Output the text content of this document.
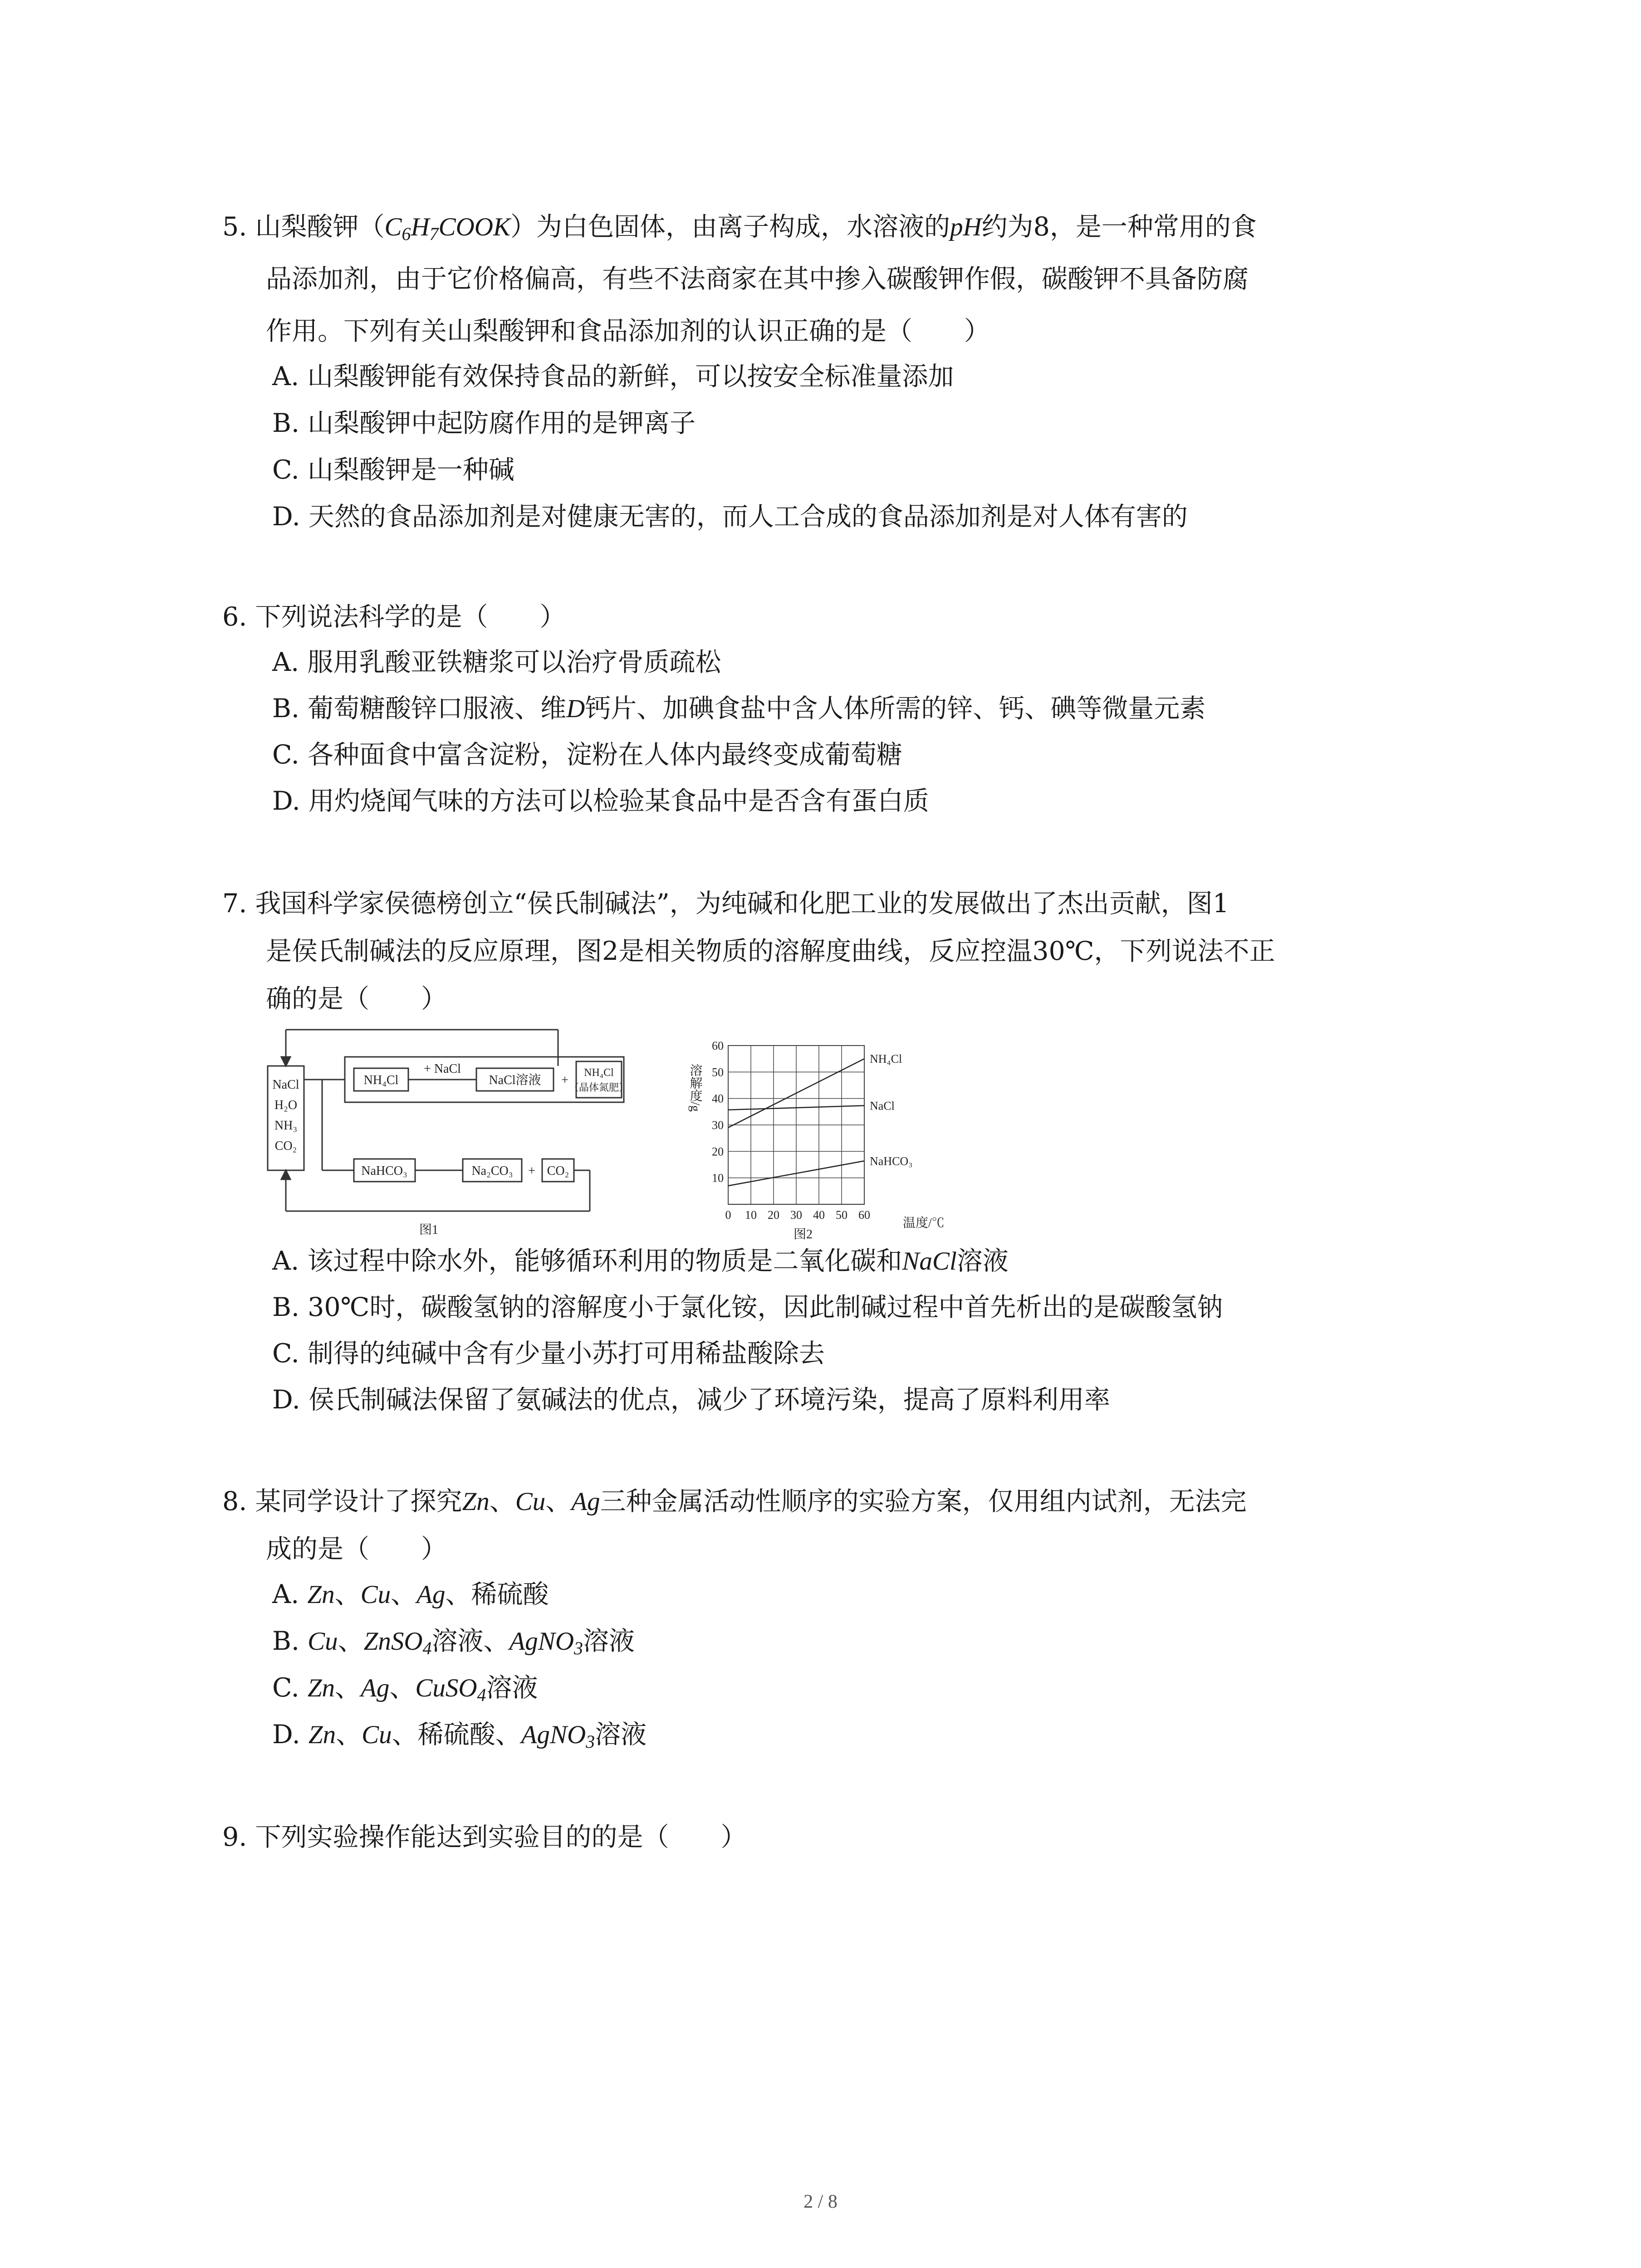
5. 山梨酸钾$(C_6H_7COOK)$为白色固体，由离子构成，水溶液的pH约为8，是一种常用的食
品添加剂，由于它价格偏高，有些不法商家在其中掺入碳酸钾作假，碳酸钾不具备防腐
作用。下列有关山梨酸钾和食品添加剂的认识正确的是（　　）
A. 山梨酸钾能有效保持食品的新鲜，可以按安全标准量添加
B. 山梨酸钾中起防腐作用的是钾离子
C. 山梨酸钾是一种碱
D. 天然的食品添加剂是对健康无害的，而人工合成的食品添加剂是对人体有害的
6. 下列说法科学的是（　　）
A. 服用乳酸亚铁糖浆可以治疗骨质疏松
B. 葡萄糖酸锌口服液、维D钙片、加碘食盐中含人体所需的锌、钙、碘等微量元素
C. 各种面食中富含淀粉，淀粉在人体内最终变成葡萄糖
D. 用灼烧闻气味的方法可以检验某食品中是否含有蛋白质
7. 我国科学家侯德榜创立“侯氏制碱法”，为纯碱和化肥工业的发展做出了杰出贡献，图1
是侯氏制碱法的反应原理，图2是相关物质的溶解度曲线，反应控温30℃，下列说法不正
确的是（　　）
NaCl
H₂O
NH₃
CO₂
NH₄Cl
+ NaCl
NaCl溶液 +
NH₄Cl
（晶体氮肥）
NaHCO₃	Na₂CO₃ + CO₂
图1
溶解度/g
温度/℃
图2
0 10 20 30 40 50 60
10
20
30
40
50
60
NH₄Cl
NaCl
NaHCO₃
A. 该过程中除水外，能够循环利用的物质是二氧化碳和NaCl溶液
B. 30℃时，碳酸氢钠的溶解度小于氯化铵，因此制碱过程中首先析出的是碳酸氢钠
C. 制得的纯碱中含有少量小苏打可用稀盐酸除去
D. 侯氏制碱法保留了氨碱法的优点，减少了环境污染，提高了原料利用率
8. 某同学设计了探究Zn、Cu、Ag三种金属活动性顺序的实验方案，仅用组内试剂，无法完
成的是（　　）
A. Zn、Cu、Ag、稀硫酸
B. Cu、ZnSO$_4$溶液、AgNO$_3$溶液
C. Zn、Ag、CuSO$_4$溶液
D. Zn、Cu、稀硫酸、AgNO$_3$溶液
9. 下列实验操作能达到实验目的的是（　　）
2 / 8
